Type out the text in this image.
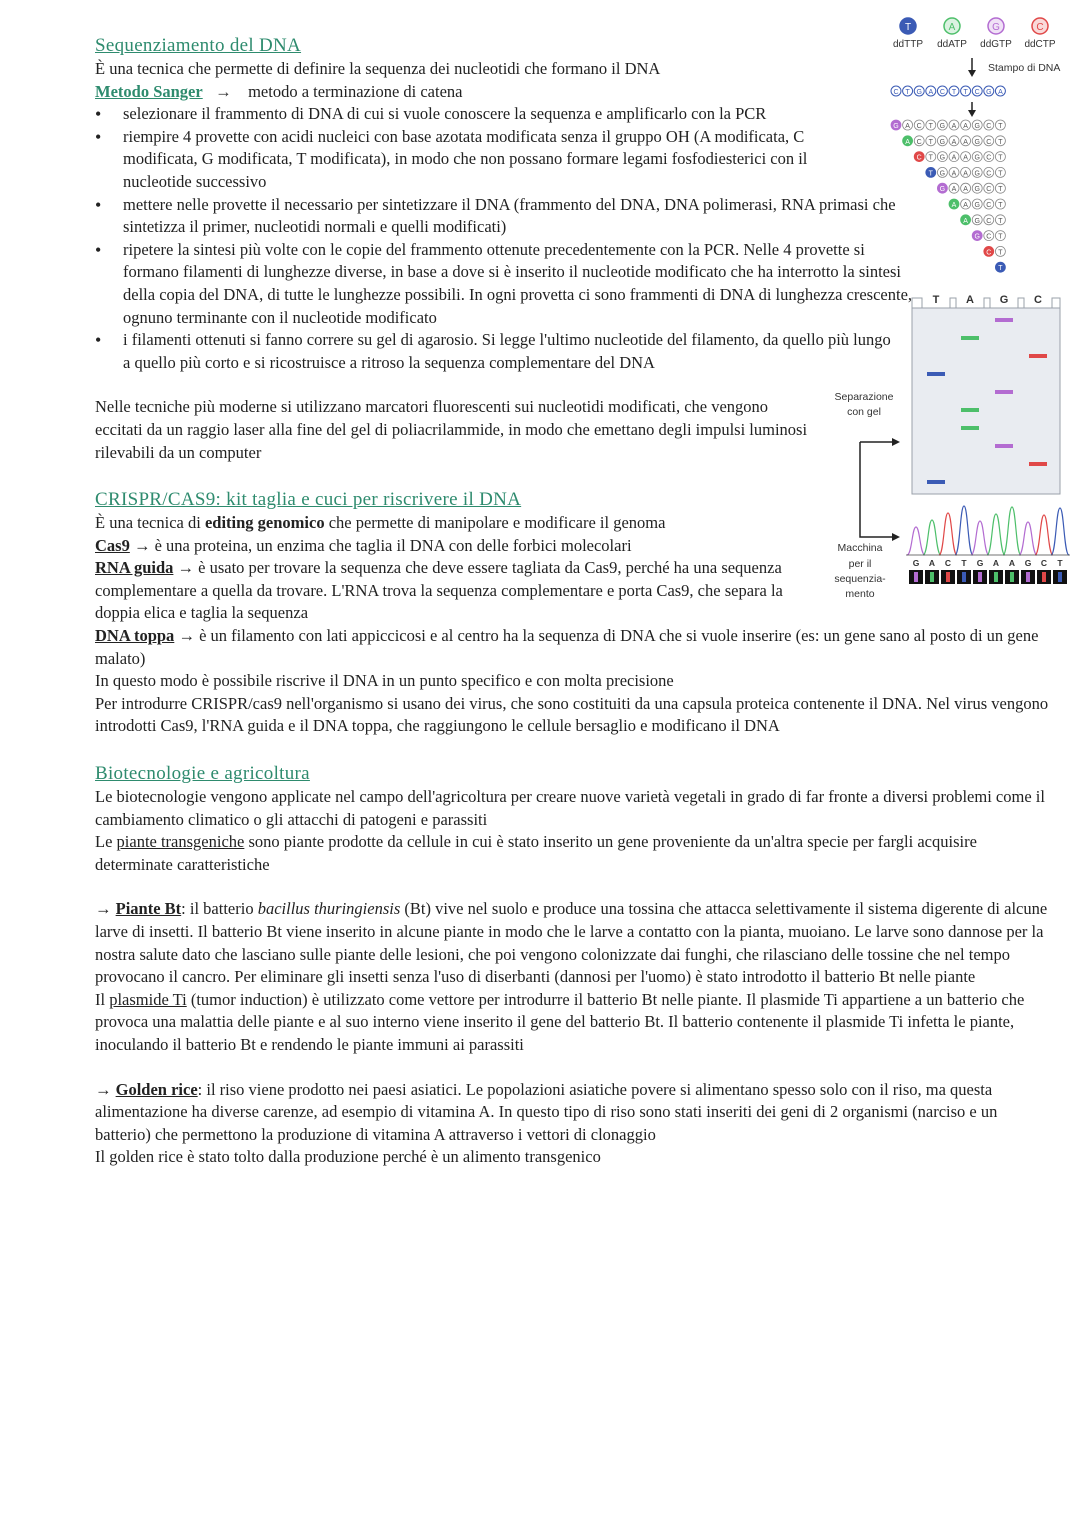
Sequenziamento del DNA

È una tecnica che permette di definire la sequenza dei nucleotidi che formano il DNA

Metodo Sanger   →    metodo a terminazione di catena

• selezionare il frammento di DNA di cui si vuole conoscere la sequenza e amplificarlo con la PCR
• riempire 4 provette con acidi nucleici con base azotata modificata senza il gruppo OH (A modificata, C modificata, G modificata, T modificata), in modo che non possano formare legami fosfodiesterici con il nucleotide successivo
• mettere nelle provette il necessario per sintetizzare il DNA (frammento del DNA, DNA polimerasi, RNA primasi che sintetizza il primer, nucleotidi normali e quelli modificati)
• ripetere la sintesi più volte con le copie del frammento ottenute precedentemente con la PCR. Nelle 4 provette si formano filamenti di lunghezze diverse, in base a dove si è inserito il nucleotide modificato che ha interrotto la sintesi della copia del DNA, di tutte le lunghezze possibili. In ogni provetta ci sono frammenti di DNA di lunghezza crescente, ognuno terminante con il nucleotide modificato
• i filamenti ottenuti si fanno correre su gel di agarosio. Si legge l'ultimo nucleotide del filamento, da quello più lungo a quello più corto e si ricostruisce a ritroso la sequenza complementare del DNA

Nelle tecniche più moderne si utilizzano marcatori fluorescenti sui nucleotidi modificati, che vengono eccitati da un raggio laser alla fine del gel di poliacrilammide, in modo che emettano degli impulsi luminosi rilevabili da un computer

CRISPR/CAS9: kit taglia e cuci per riscrivere il DNA

È una tecnica di editing genomico che permette di manipolare e modificare il genoma

Cas9 → è una proteina, un enzima che taglia il DNA con delle forbici molecolari

RNA guida → è usato per trovare la sequenza che deve essere tagliata da Cas9, perché ha una sequenza complementare a quella da trovare. L'RNA trova la sequenza complementare e porta Cas9, che separa la doppia elica e taglia la sequenza

DNA toppa → è un filamento con lati appiccicosi e al centro ha la sequenza di DNA che si vuole inserire (es: un gene sano al posto di un gene malato)

In questo modo è possibile riscrive il DNA in un punto specifico e con molta precisione

Per introdurre CRISPR/cas9 nell'organismo si usano dei virus, che sono costituiti da una capsula proteica contenente il DNA. Nel virus vengono introdotti Cas9, l'RNA guida e il DNA toppa, che raggiungono le cellule bersaglio e modificano il DNA

Biotecnologie e agricoltura

Le biotecnologie vengono applicate nel campo dell'agricoltura per creare nuove varietà vegetali in grado di far fronte a diversi problemi come il cambiamento climatico o gli attacchi di patogeni e parassiti

Le piante transgeniche sono piante prodotte da cellule in cui è stato inserito un gene proveniente da un'altra specie per fargli acquisire determinate caratteristiche

→ Piante Bt: il batterio bacillus thuringiensis (Bt) vive nel suolo e produce una tossina che attacca selettivamente il sistema digerente di alcune larve di insetti. Il batterio Bt viene inserito in alcune piante in modo che le larve a contatto con la pianta, muoiano. Le larve sono dannose per la nostra salute dato che lasciano sulle piante delle lesioni, che poi vengono colonizzate dai funghi, che rilasciano delle tossine che nel tempo provocano il cancro. Per eliminare gli insetti senza l'uso di diserbanti (dannosi per l'uomo) è stato introdotto il batterio Bt nelle piante

Il plasmide Ti (tumor induction) è utilizzato come vettore per introdurre il batterio Bt nelle piante. Il plasmide Ti appartiene a un batterio che provoca una malattia delle piante e al suo interno viene inserito il gene del batterio Bt. Il batterio contenente il plasmide Ti infetta le piante, inoculando il batterio Bt e rendendo le piante immuni ai parassiti

→ Golden rice: il riso viene prodotto nei paesi asiatici. Le popolazioni asiatiche povere si alimentano spesso solo con il riso, ma questa alimentazione ha diverse carenze, ad esempio di vitamina A. In questo tipo di riso sono stati inseriti dei geni di 2 organismi (narciso e un batterio) che permettono la produzione di vitamina A attraverso i vettori di clonaggio

Il golden rice è stato tolto dalla produzione perché è un alimento transgenico

T
ddTTP
A
ddATP
G
ddGTP
C
ddCTP
Stampo di DNA
C T G A C T T C G A
G A C T G A A G C T
A C T G A A G C T
C T G A A G C T
T G A A G C T
G A A G C T
A A G C T
A G C T
G C T
C T
T
T A G C
Separazione
con gel
Macchina
per il
sequenzia-
mento
G A C T G A A G C T
